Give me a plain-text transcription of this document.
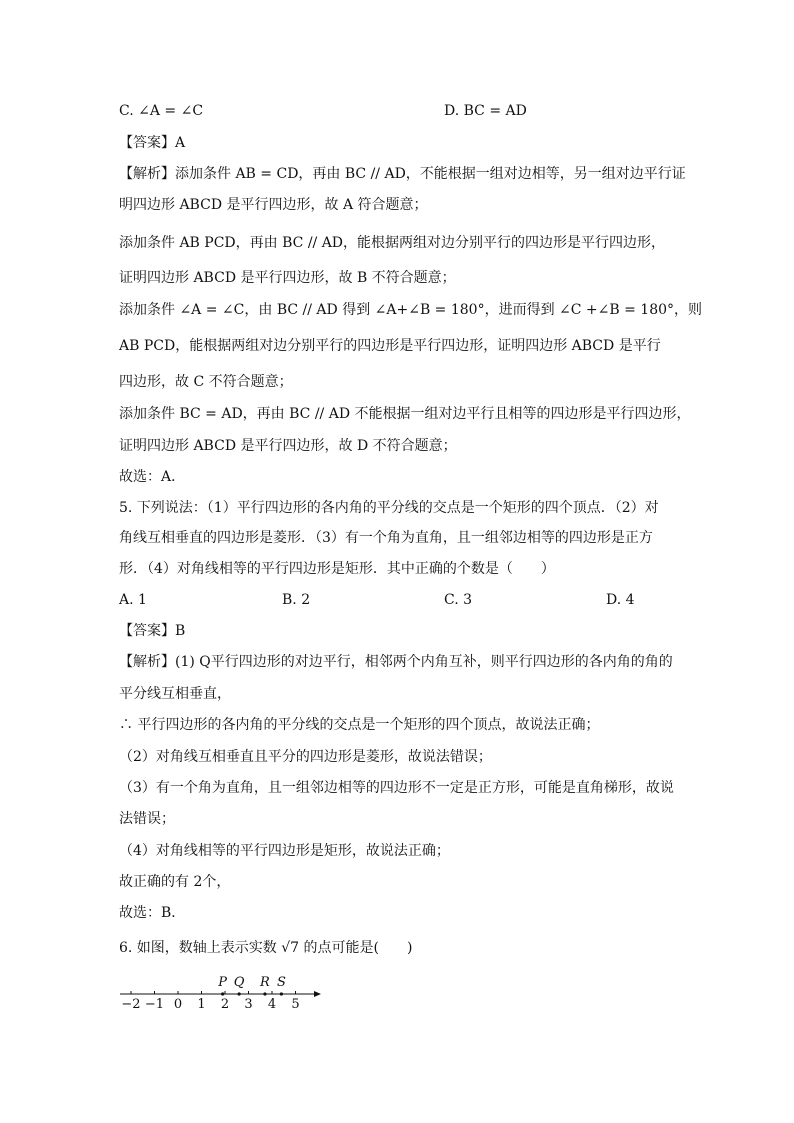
C. ∠A = ∠C	D. BC = AD
【答案】A
【解析】添加条件 AB = CD，再由 BC // AD，不能根据一组对边相等，另一组对边平行证
明四边形 ABCD 是平行四边形，故 A 符合题意；
添加条件 AB PCD，再由 BC // AD，能根据两组对边分别平行的四边形是平行四边形，
证明四边形 ABCD 是平行四边形，故 B 不符合题意；
添加条件 ∠A = ∠C，由 BC // AD 得到 ∠A+∠B = 180°，进而得到 ∠C +∠B = 180°，则
AB PCD，能根据两组对边分别平行的四边形是平行四边形，证明四边形 ABCD 是平行
四边形，故 C 不符合题意；
添加条件 BC = AD，再由 BC // AD 不能根据一组对边平行且相等的四边形是平行四边形，
证明四边形 ABCD 是平行四边形，故 D 不符合题意；
故选：A．
5. 下列说法：（1）平行四边形的各内角的平分线的交点是一个矩形的四个顶点．（2）对
角线互相垂直的四边形是菱形．（3）有一个角为直角，且一组邻边相等的四边形是正方
形．（4）对角线相等的平行四边形是矩形．其中正确的个数是（　　）
A. 1	B. 2	C. 3	D. 4
【答案】B
【解析】(1) Q平行四边形的对边平行，相邻两个内角互补，则平行四边形的各内角的角的
平分线互相垂直，
∴ 平行四边形的各内角的平分线的交点是一个矩形的四个顶点，故说法正确；
（2）对角线互相垂直且平分的四边形是菱形，故说法错误；
（3）有一个角为直角，且一组邻边相等的四边形不一定是正方形，可能是直角梯形，故说
法错误；
（4）对角线相等的平行四边形是矩形，故说法正确；
故正确的有 2个，
故选：B．
6. 如图，数轴上表示实数 √7 的点可能是(　　)
−2 −1 0 1 2 3 4 5
P Q R S
